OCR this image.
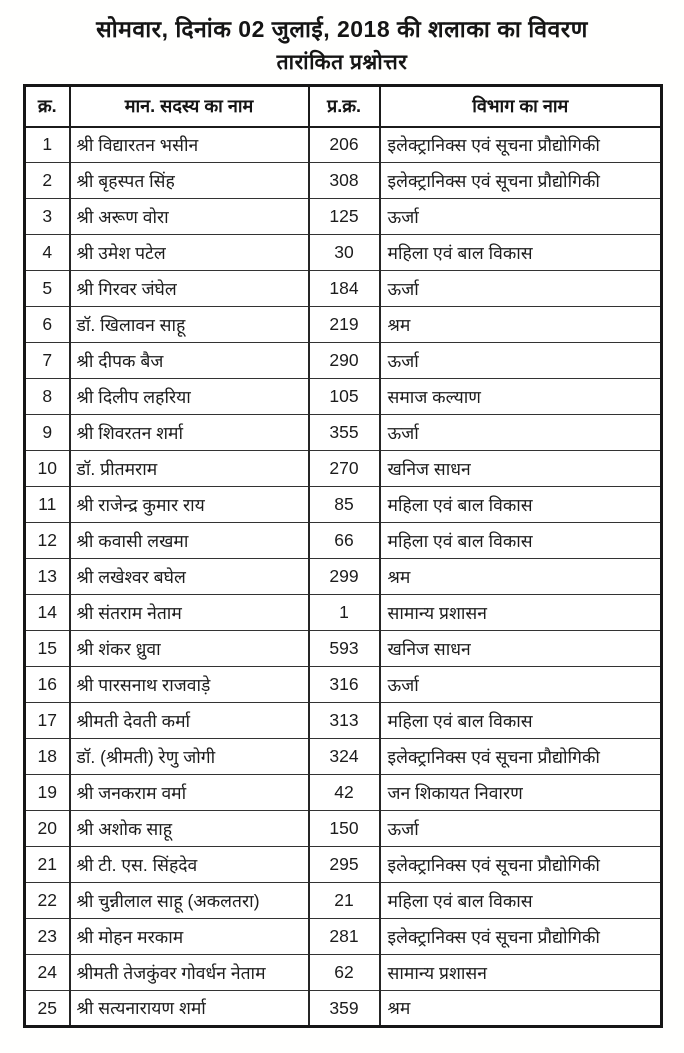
सोमवार, दिनांक 02 जुलाई, 2018 की शलाका का विवरण
तारांकित प्रश्नोत्तर
क्र.	मान. सदस्य का नाम	प्र.क्र.	विभाग का नाम
1	श्री विद्यारतन भसीन	206	इलेक्ट्रानिक्स एवं सूचना प्रौद्योगिकी
2	श्री बृहस्पत सिंह	308	इलेक्ट्रानिक्स एवं सूचना प्रौद्योगिकी
3	श्री अरूण वोरा	125	ऊर्जा
4	श्री उमेश पटेल	30	महिला एवं बाल विकास
5	श्री गिरवर जंघेल	184	ऊर्जा
6	डॉ. खिलावन साहू	219	श्रम
7	श्री दीपक बैज	290	ऊर्जा
8	श्री दिलीप लहरिया	105	समाज कल्याण
9	श्री शिवरतन शर्मा	355	ऊर्जा
10	डॉ. प्रीतमराम	270	खनिज साधन
11	श्री राजेन्द्र कुमार राय	85	महिला एवं बाल विकास
12	श्री कवासी लखमा	66	महिला एवं बाल विकास
13	श्री लखेश्वर बघेल	299	श्रम
14	श्री संतराम नेताम	1	सामान्य प्रशासन
15	श्री शंकर ध्रुवा	593	खनिज साधन
16	श्री पारसनाथ राजवाड़े	316	ऊर्जा
17	श्रीमती देवती कर्मा	313	महिला एवं बाल विकास
18	डॉ. (श्रीमती) रेणु जोगी	324	इलेक्ट्रानिक्स एवं सूचना प्रौद्योगिकी
19	श्री जनकराम वर्मा	42	जन शिकायत निवारण
20	श्री अशोक साहू	150	ऊर्जा
21	श्री टी. एस. सिंहदेव	295	इलेक्ट्रानिक्स एवं सूचना प्रौद्योगिकी
22	श्री चुन्नीलाल साहू (अकलतरा)	21	महिला एवं बाल विकास
23	श्री मोहन मरकाम	281	इलेक्ट्रानिक्स एवं सूचना प्रौद्योगिकी
24	श्रीमती तेजकुंवर गोवर्धन नेताम	62	सामान्य प्रशासन
25	श्री सत्यनारायण शर्मा	359	श्रम
